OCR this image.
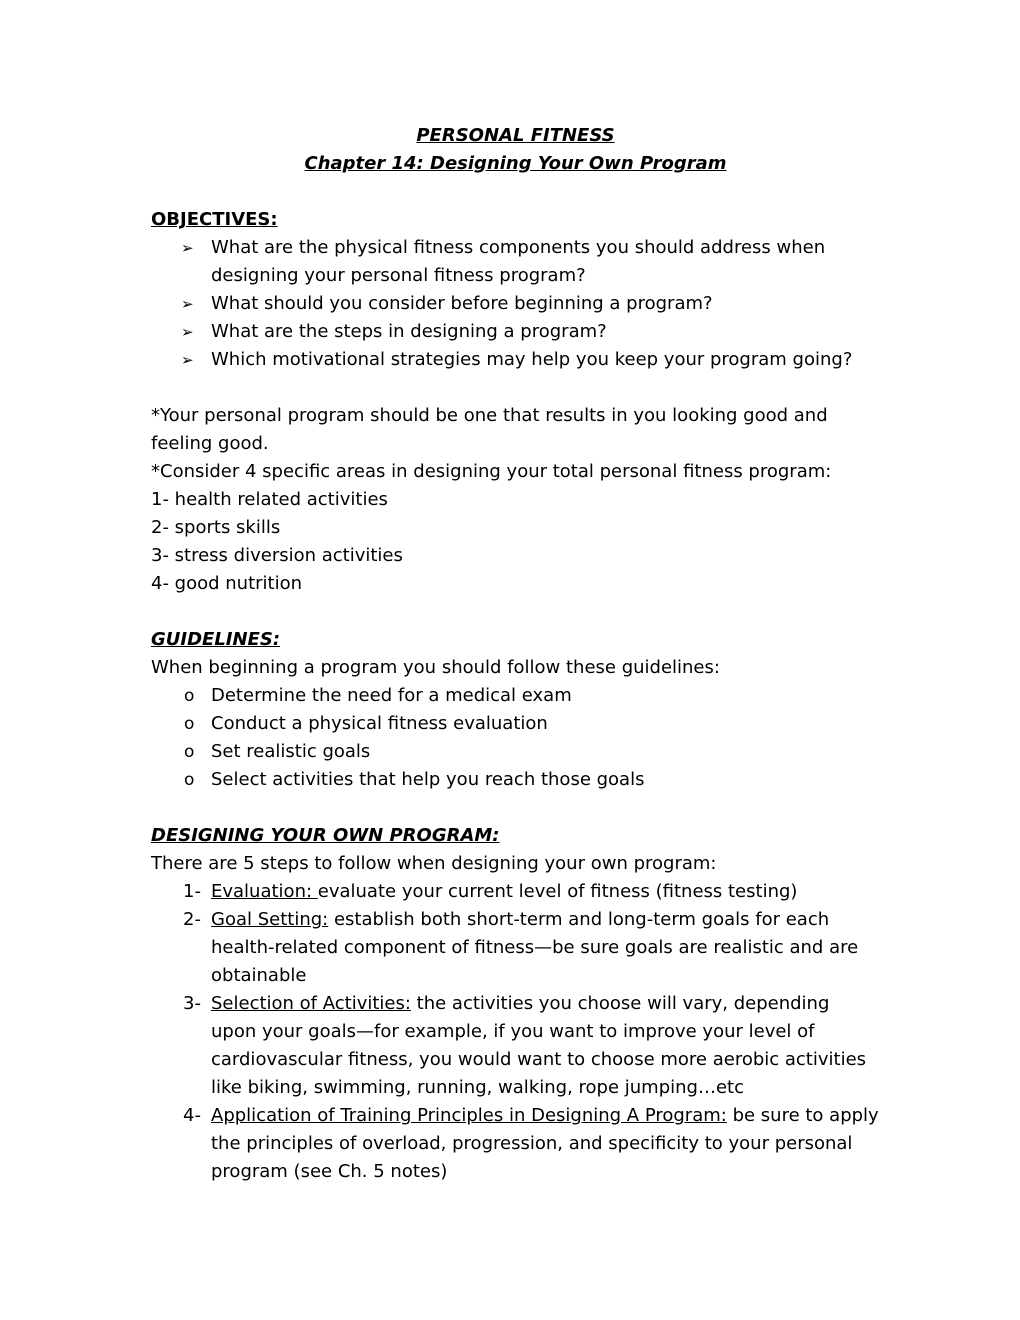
PERSONAL FITNESS

Chapter 14: Designing Your Own Program

OBJECTIVES:
➢ What are the physical fitness components you should address when designing your personal fitness program?
➢ What should you consider before beginning a program?
➢ What are the steps in designing a program?
➢ Which motivational strategies may help you keep your program going?

*Your personal program should be one that results in you looking good and feeling good.

*Consider 4 specific areas in designing your total personal fitness program:

1- health related activities

2- sports skills

3- stress diversion activities

4- good nutrition

GUIDELINES:

When beginning a program you should follow these guidelines:

o Determine the need for a medical exam
o Conduct a physical fitness evaluation
o Set realistic goals
o Select activities that help you reach those goals
DESIGNING YOUR OWN PROGRAM:

There are 5 steps to follow when designing your own program:

1- Evaluation: evaluate your current level of fitness (fitness testing)
2- Goal Setting: establish both short-term and long-term goals for each health-related component of fitness—be sure goals are realistic and are obtainable
3- Selection of Activities: the activities you choose will vary, depending upon your goals—for example, if you want to improve your level of cardiovascular fitness, you would want to choose more aerobic activities like biking, swimming, running, walking, rope jumping…etc
4- Application of Training Principles in Designing A Program: be sure to apply the principles of overload, progression, and specificity to your personal program (see Ch. 5 notes)
